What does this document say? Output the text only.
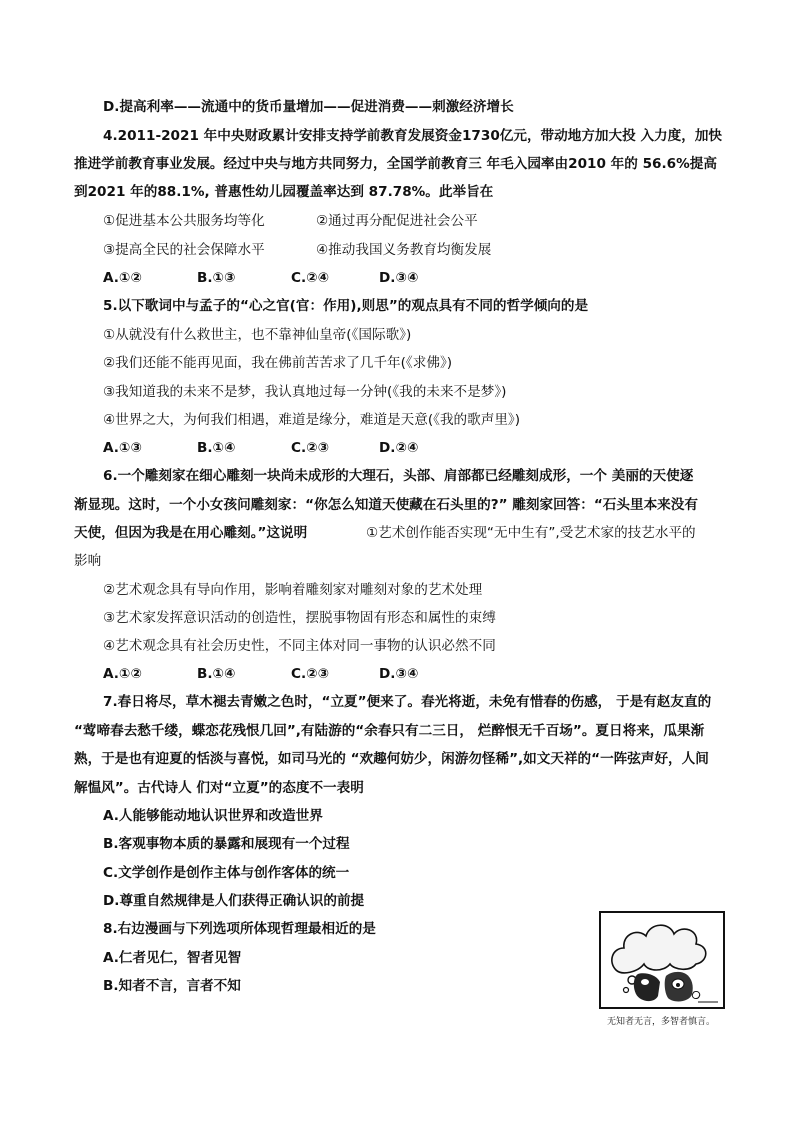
D.提高利率——流通中的货币量增加——促进消费——刺激经济增长
4.2011-2021 年中央财政累计安排支持学前教育发展资金1730亿元，带动地方加大投 入力度，加快
推进学前教育事业发展。经过中央与地方共同努力，全国学前教育三 年毛入园率由2010 年的 56.6%提高
到2021 年的88.1%, 普惠性幼儿园覆盖率达到 87.78%。此举旨在
①促进基本公共服务均等化	②通过再分配促进社会公平
③提高全民的社会保障水平	④推动我国义务教育均衡发展
A.①②	B.①③	C.②④	D.③④
5.以下歌词中与孟子的“心之官(官：作用),则思”的观点具有不同的哲学倾向的是
①从就没有什么救世主，也不靠神仙皇帝(《国际歌》)
②我们还能不能再见面，我在佛前苦苦求了几千年(《求佛》)
③我知道我的未来不是梦，我认真地过每一分钟(《我的未来不是梦》)
④世界之大，为何我们相遇，难道是缘分，难道是天意(《我的歌声里》)
A.①③	B.①④	C.②③	D.②④
6.一个雕刻家在细心雕刻一块尚未成形的大理石，头部、肩部都已经雕刻成形，一个 美丽的天使逐
渐显现。这时，一个小女孩问雕刻家：“你怎么知道天使藏在石头里的?” 雕刻家回答：“石头里本来没有
天使，但因为我是在用心雕刻。”这说明	①艺术创作能否实现“无中生有”,受艺术家的技艺水平的
影响
②艺术观念具有导向作用，影响着雕刻家对雕刻对象的艺术处理
③艺术家发挥意识活动的创造性，摆脱事物固有形态和属性的束缚
④艺术观念具有社会历史性，不同主体对同一事物的认识必然不同
A.①②	B.①④	C.②③	D.③④
7.春日将尽，草木褪去青嫩之色时，“立夏”便来了。春光将逝，未免有惜春的伤感， 于是有赵友直的
“莺啼春去愁千缕，蝶恋花残恨几回”,有陆游的“余春只有二三日， 烂醉恨无千百场”。夏日将来，瓜果渐
熟，于是也有迎夏的恬淡与喜悦，如司马光的 “欢趣何妨少，闲游勿怪稀”,如文天祥的“一阵弦声好，人间
解愠风”。古代诗人 们对“立夏”的态度不一表明
A.人能够能动地认识世界和改造世界
B.客观事物本质的暴露和展现有一个过程
C.文学创作是创作主体与创作客体的统一
D.尊重自然规律是人们获得正确认识的前提
8.右边漫画与下列选项所体现哲理最相近的是
A.仁者见仁，智者见智
B.知者不言，言者不知
无知者无言，多智者慎言。
